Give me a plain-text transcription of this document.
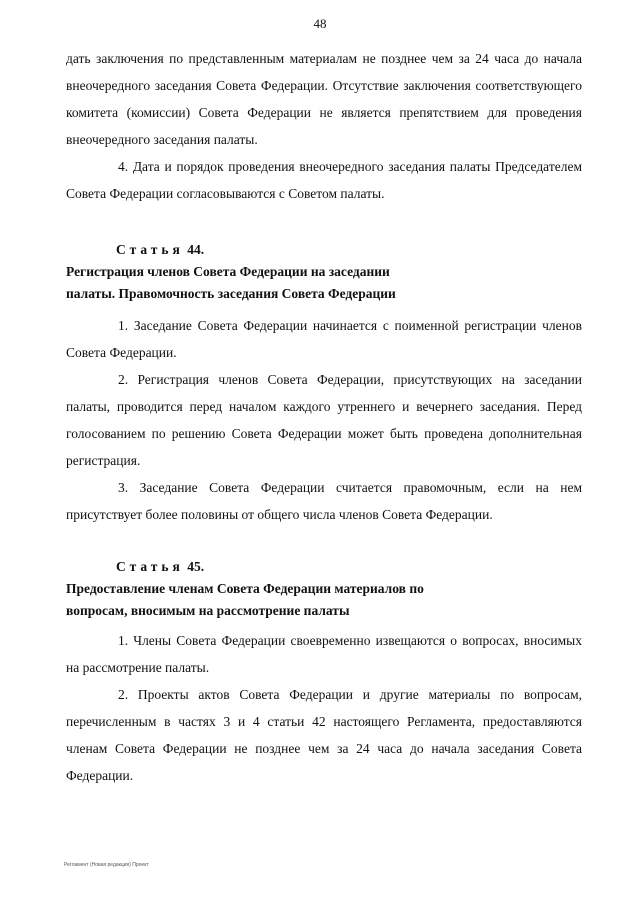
48

дать заключения по представленным материалам не позднее чем за 24 часа до начала внеочередного заседания Совета Федерации. Отсутствие заключения соответствующего комитета (комиссии) Совета Федерации не является препятствием для проведения внеочередного заседания палаты.

4. Дата и порядок проведения внеочередного заседания палаты Председателем Совета Федерации согласовываются с Советом палаты.

Статья 44.Регистрация членов Совета Федерации на заседании палаты. Правомочность заседания Совета Федерации

1. Заседание Совета Федерации начинается с поименной регистрации членов Совета Федерации.

2. Регистрация членов Совета Федерации, присутствующих на заседании палаты, проводится перед началом каждого утреннего и вечернего заседания. Перед голосованием по решению Совета Федерации может быть проведена дополнительная регистрация.

3. Заседание Совета Федерации считается правомочным, если на нем присутствует более половины от общего числа членов Совета Федерации.

Статья 45.Предоставление членам Совета Федерации материалов по вопросам, вносимым на рассмотрение палаты

1. Члены Совета Федерации своевременно извещаются о вопросах, вносимых на рассмотрение палаты.

2. Проекты актов Совета Федерации и другие материалы по вопросам, перечисленным в частях 3 и 4 статьи 42 настоящего Регламента, предоставляются членам Совета Федерации не позднее чем за 24 часа до начала заседания Совета Федерации.

Регламент (Новая редакция) Проект
